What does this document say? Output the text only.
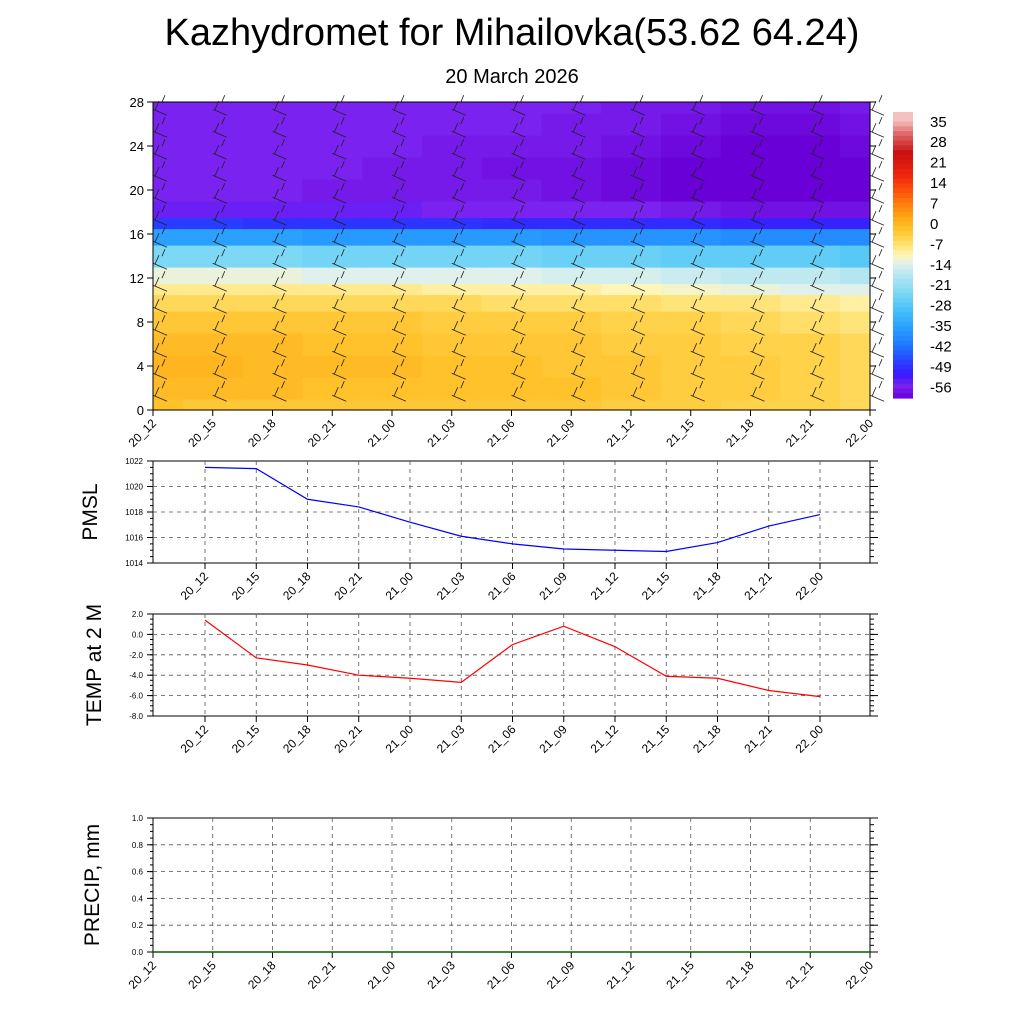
Kazhydromet for Mihailovka(53.62 64.24)
20 March 2026
0
4
8
12
16
20
24
28
20_12 20_15 20_18 20_21 21_00 21_03 21_06 21_09 21_12 21_15 21_18 21_21 22_00
35
28
21
14
7
0
-7
-14
-21
-28
-35
-42
-49
-56
1014
1016
1018
1020
1022
20_12 20_15 20_18 20_21 21_00 21_03 21_06 21_09 21_12 21_15 21_18 21_21 22_00
PMSL
-8.0
-6.0
-4.0
-2.0
0.0
2.0
20_12 20_15 20_18 20_21 21_00 21_03 21_06 21_09 21_12 21_15 21_18 21_21 22_00
TEMP at 2 M
0.0
0.2
0.4
0.6
0.8
1.0
20_12 20_15 20_18 20_21 21_00 21_03 21_06 21_09 21_12 21_15 21_18 21_21 22_00
PRECIP, mm
